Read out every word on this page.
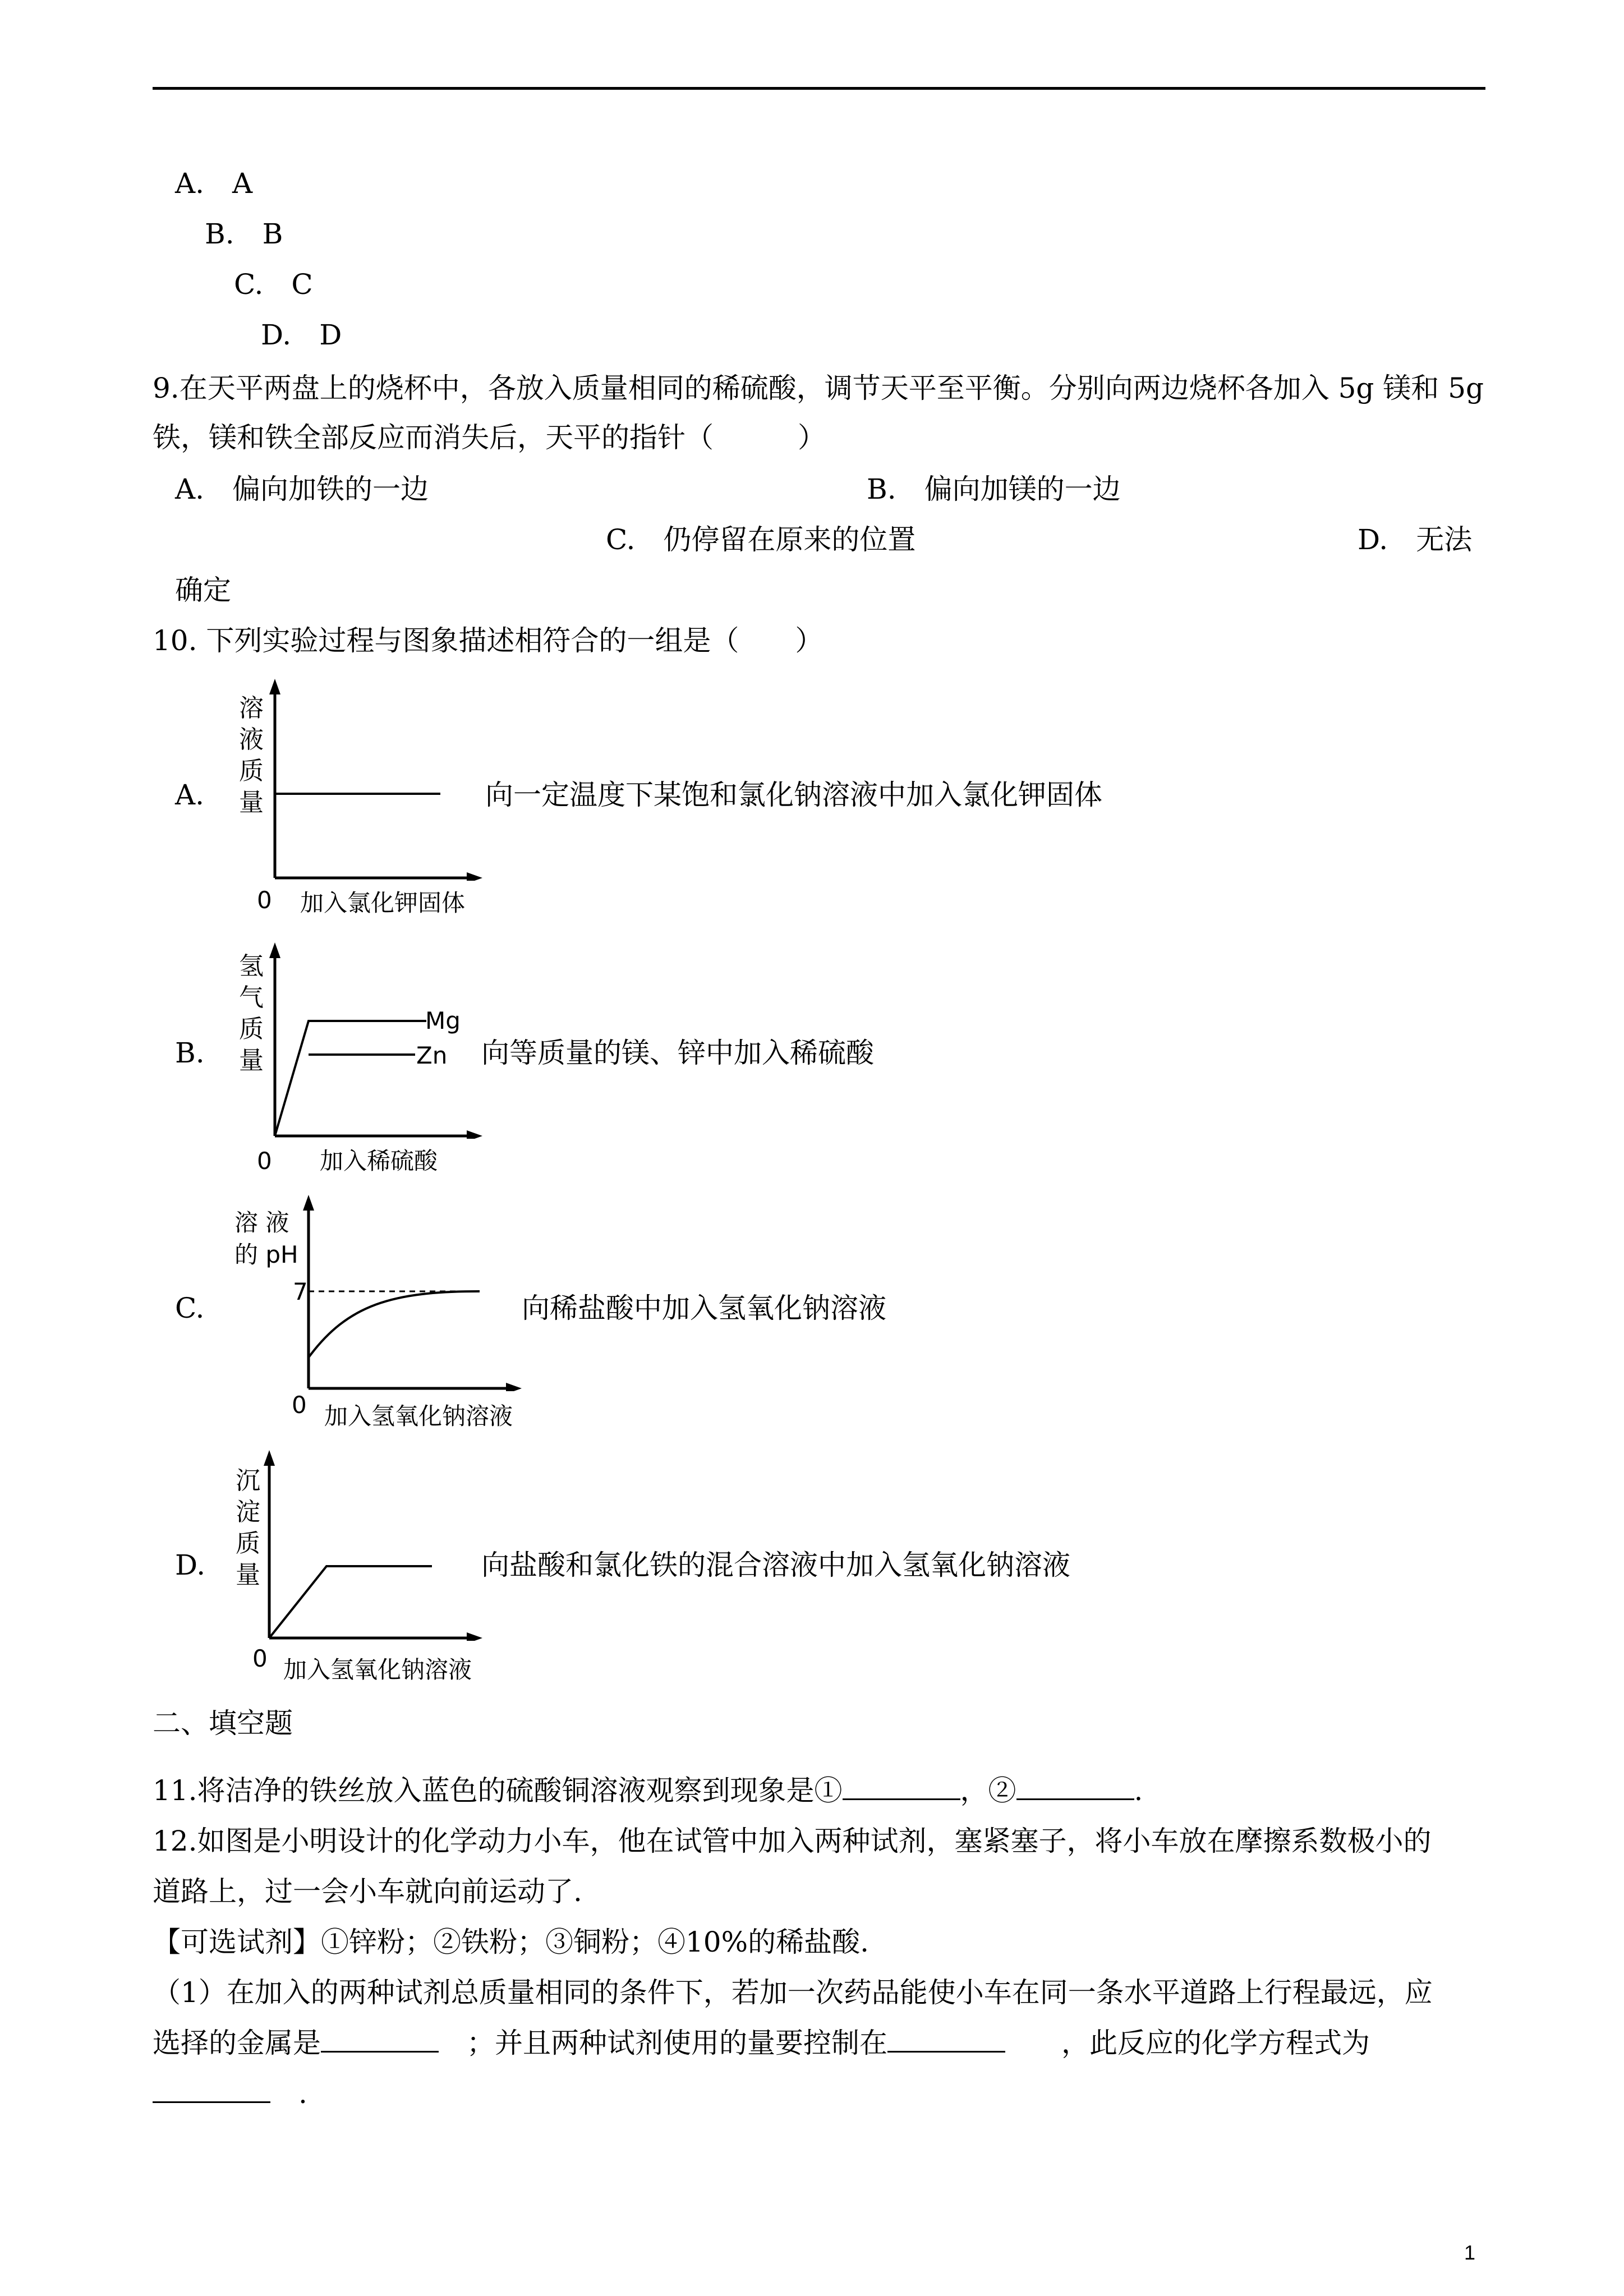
A.　A
B.　B
C.　C
D.　D
9.在天平两盘上的烧杯中，各放入质量相同的稀硫酸，调节天平至平衡。分别向两边烧杯各加入 5g 镁和 5g
铁，镁和铁全部反应而消失后，天平的指针（　　　）
A.　偏向加铁的一边	B.　偏向加镁的一边
C.　仍停留在原来的位置	D.　无法
确定
10. 下列实验过程与图象描述相符合的一组是（　　）
A.
溶液质量
0 加入氯化钾固体
向一定温度下某饱和氯化钠溶液中加入氯化钾固体
B.
氢气质量
Mg
Zn
0 加入稀硫酸
向等质量的镁、锌中加入稀硫酸
C.
溶 液
的 pH
7
0 加入氢氧化钠溶液
向稀盐酸中加入氢氧化钠溶液
D.
沉淀质量
0 加入氢氧化钠溶液
向盐酸和氯化铁的混合溶液中加入氢氧化钠溶液
二、填空题
11.将洁净的铁丝放入蓝色的硫酸铜溶液观察到现象是①	，②	.
12.如图是小明设计的化学动力小车，他在试管中加入两种试剂，塞紧塞子，将小车放在摩擦系数极小的
道路上，过一会小车就向前运动了.
【可选试剂】①锌粉；②铁粉；③铜粉；④10%的稀盐酸.
（1）在加入的两种试剂总质量相同的条件下，若加一次药品能使小车在同一条水平道路上行程最远，应
选择的金属是　	；并且两种试剂使用的量要控制在　　	，此反应的化学方程式为
　.
1
